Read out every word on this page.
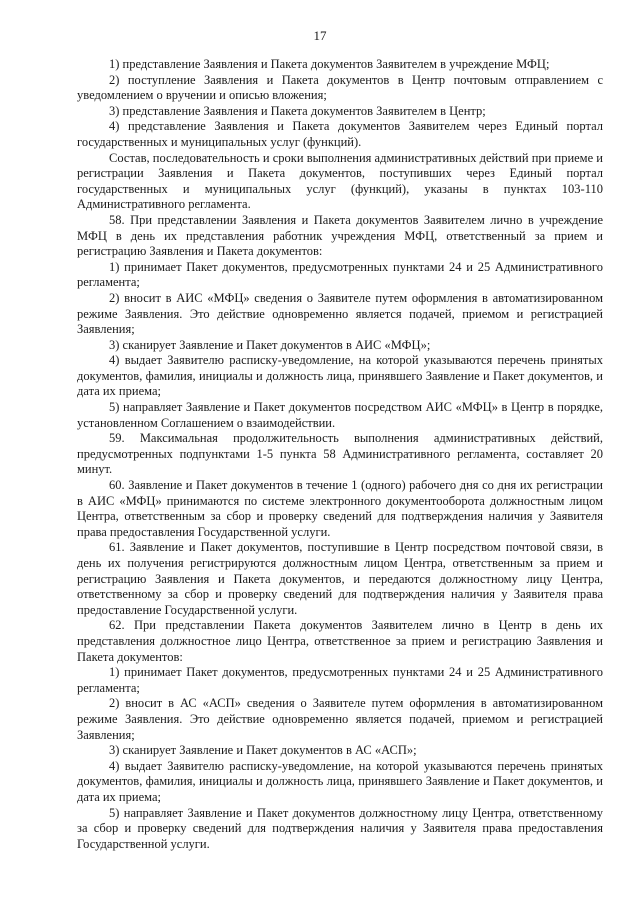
17

1) представление Заявления и Пакета документов Заявителем в учреждение МФЦ;

2) поступление Заявления и Пакета документов в Центр почтовым отправлением с уведомлением о вручении и описью вложения;

3) представление Заявления и Пакета документов Заявителем в Центр;

4) представление Заявления и Пакета документов Заявителем через Единый портал государственных и муниципальных услуг (функций).

Состав, последовательность и сроки выполнения административных действий при приеме и регистрации Заявления и Пакета документов, поступивших через Единый портал государственных и муниципальных услуг (функций), указаны в пунктах 103-110 Административного регламента.

58. При представлении Заявления и Пакета документов Заявителем лично в учреждение МФЦ в день их представления работник учреждения МФЦ, ответственный за прием и регистрацию Заявления и Пакета документов:

1) принимает Пакет документов, предусмотренных пунктами 24 и 25 Административного регламента;

2) вносит в АИС «МФЦ» сведения о Заявителе путем оформления в автоматизированном режиме Заявления. Это действие одновременно является подачей, приемом и регистрацией Заявления;

3) сканирует Заявление и Пакет документов в АИС «МФЦ»;

4) выдает Заявителю расписку-уведомление, на которой указываются перечень принятых документов, фамилия, инициалы и должность лица, принявшего Заявление и Пакет документов, и дата их приема;

5) направляет Заявление и Пакет документов посредством АИС «МФЦ» в Центр в порядке, установленном Соглашением о взаимодействии.

59. Максимальная продолжительность выполнения административных действий, предусмотренных подпунктами 1-5 пункта 58 Административного регламента, составляет 20 минут.

60. Заявление и Пакет документов в течение 1 (одного) рабочего дня со дня их регистрации в АИС «МФЦ» принимаются по системе электронного документооборота должностным лицом Центра, ответственным за сбор и проверку сведений для подтверждения наличия у Заявителя права предоставления Государственной услуги.

61. Заявление и Пакет документов, поступившие в Центр посредством почтовой связи, в день их получения регистрируются должностным лицом Центра, ответственным за прием и регистрацию Заявления и Пакета документов, и передаются должностному лицу Центра, ответственному за сбор и проверку сведений для подтверждения наличия у Заявителя права предоставление Государственной услуги.

62. При представлении Пакета документов Заявителем лично в Центр в день их представления должностное лицо Центра, ответственное за прием и регистрацию Заявления и Пакета документов:

1) принимает Пакет документов, предусмотренных пунктами 24 и 25 Административного регламента;

2) вносит в АС «АСП» сведения о Заявителе путем оформления в автоматизированном режиме Заявления. Это действие одновременно является подачей, приемом и регистрацией Заявления;

3) сканирует Заявление и Пакет документов в АС «АСП»;

4) выдает Заявителю расписку-уведомление, на которой указываются перечень принятых документов, фамилия, инициалы и должность лица, принявшего Заявление и Пакет документов, и дата их приема;

5) направляет Заявление и Пакет документов должностному лицу Центра, ответственному за сбор и проверку сведений для подтверждения наличия у Заявителя права предоставления Государственной услуги.
